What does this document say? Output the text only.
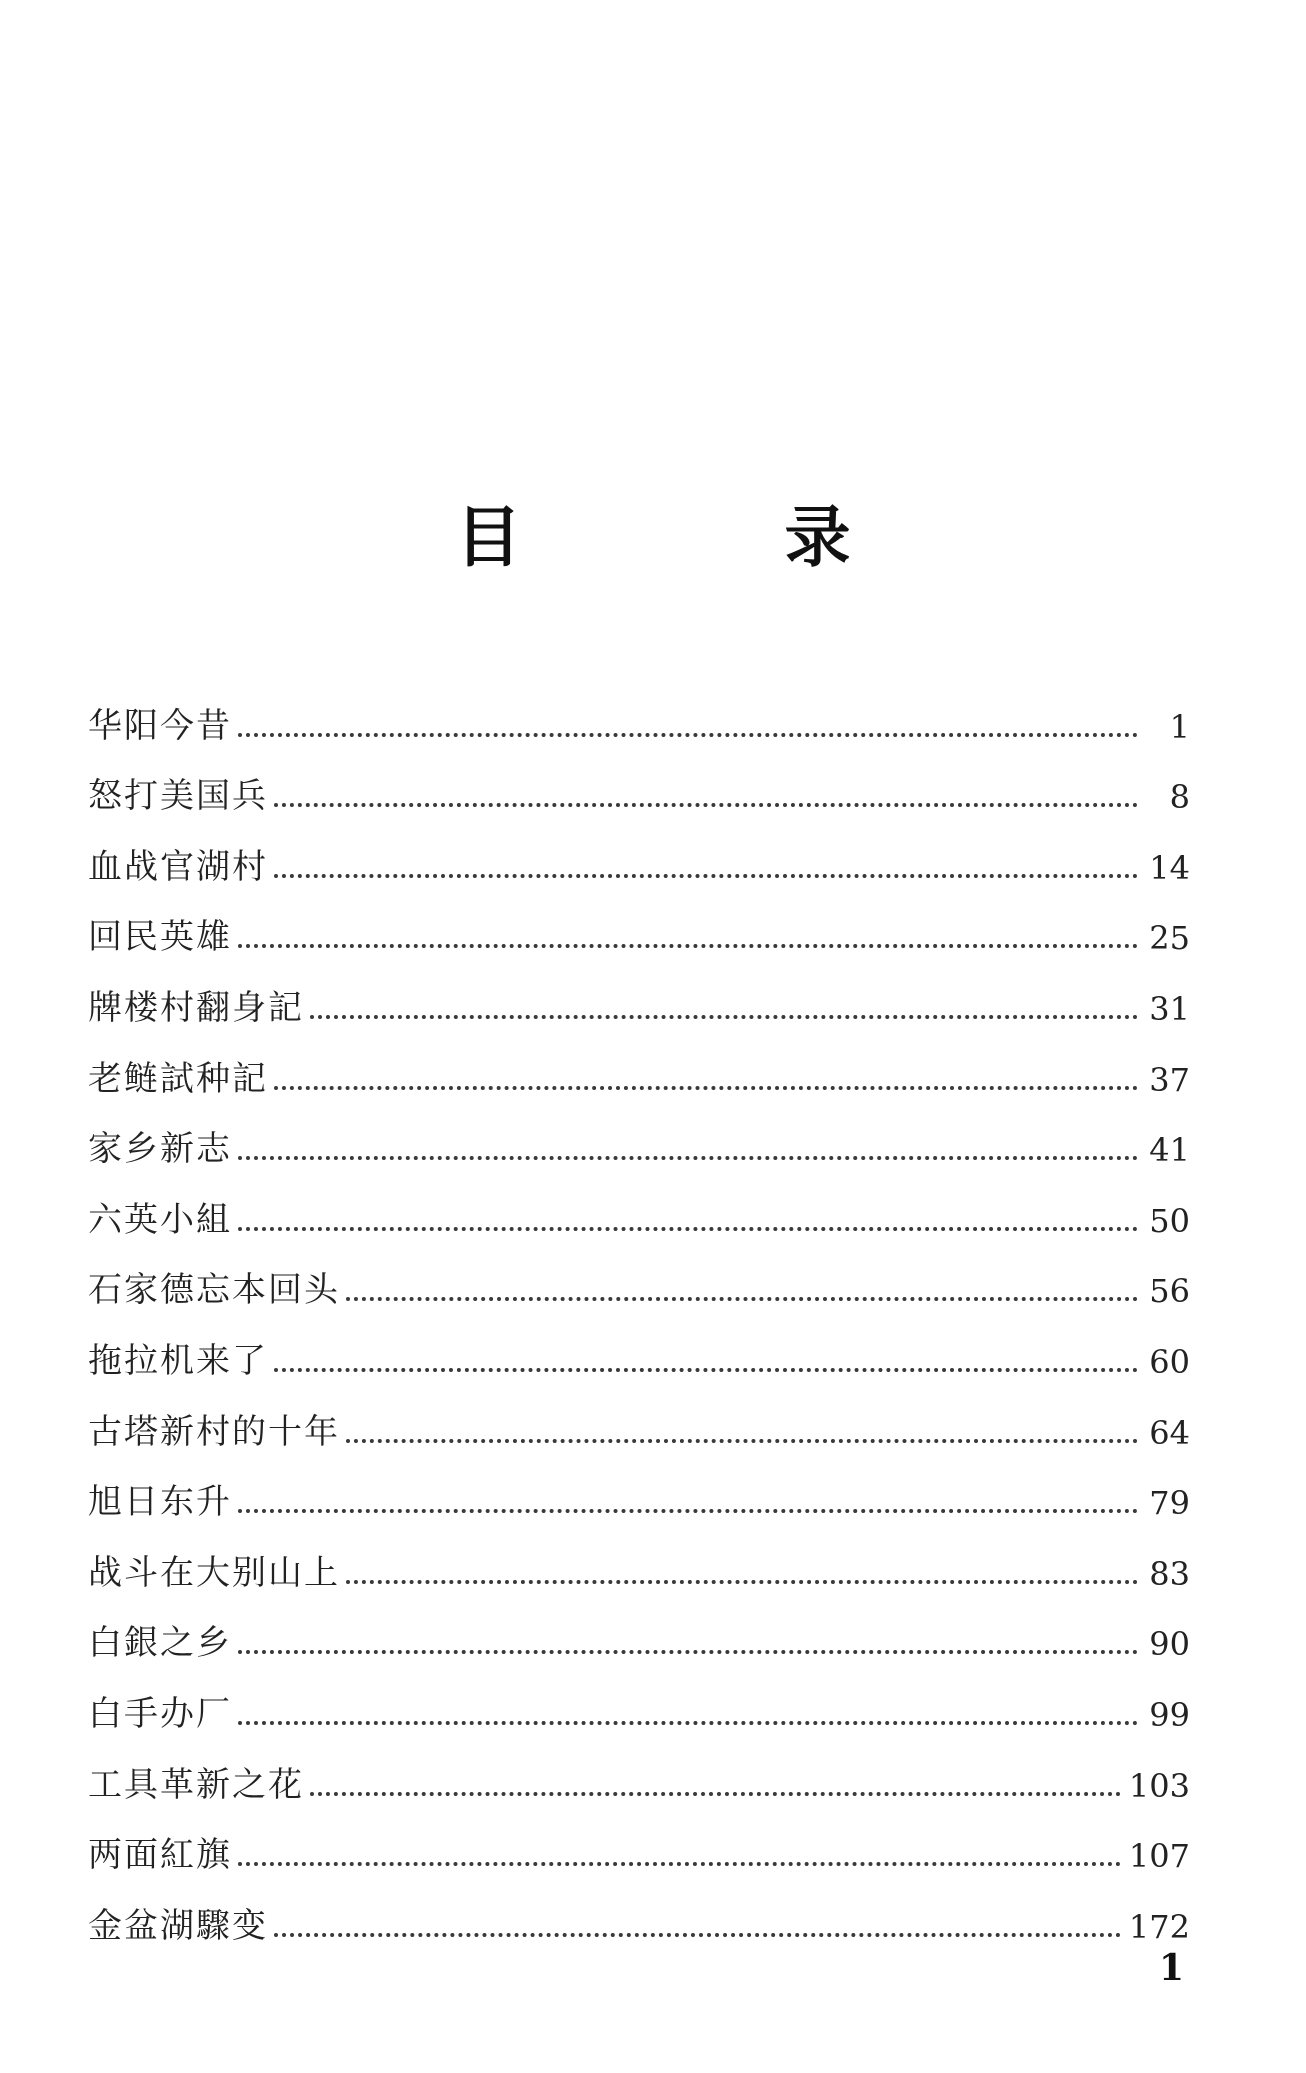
目 录
华阳今昔	1
怒打美国兵	8
血战官湖村	14
回民英雄	25
牌楼村翻身記	31
老鲢試种記	37
家乡新志	41
六英小組	50
石家德忘本回头	56
拖拉机来了	60
古塔新村的十年	64
旭日东升	79
战斗在大别山上	83
白銀之乡	90
白手办厂	99
工具革新之花	103
两面紅旗	107
金盆湖驟变	172
1
